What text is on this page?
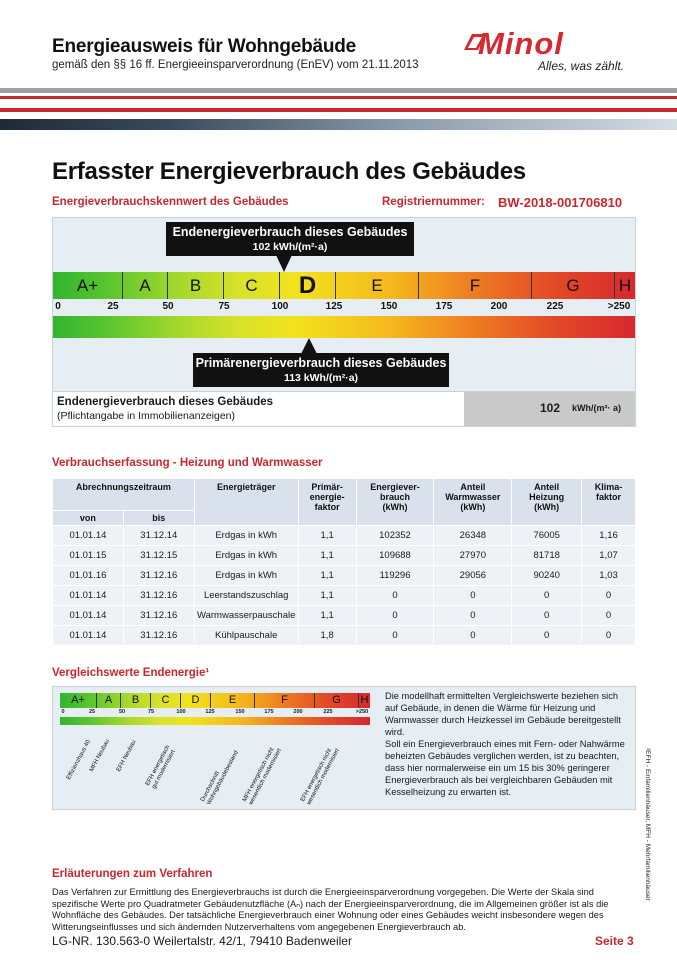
Energieausweis für Wohngebäude
gemäß den §§ 16 ff. Energieeinsparverordnung (EnEV) vom 21.11.2013
Minol
Alles, was zählt.
Erfasster Energieverbrauch des Gebäudes
Energieverbrauchskennwert des Gebäudes	Registriernummer: BW-2018-001706810
Endenergieverbrauch dieses Gebäudes
102 kWh/(m²·a)
A+	A	B	C	D	E	F	G	H
0	25	50	75	100	125	150	175	200	225	>250
Primärenergieverbrauch dieses Gebäudes
113 kWh/(m²·a)
Endenergieverbrauch dieses Gebäudes
(Pflichtangabe in Immobilienanzeigen)
102 kWh/(m²· a)
Verbrauchserfassung - Heizung und Warmwasser
Abrechnungszeitraum		Energieträger	Primär-
energie-
faktor	Energiever-
brauch
(kWh)	Anteil
Warmwasser
(kWh)	Anteil
Heizung
(kWh)	Klima-
faktor
von	bis						
01.01.14	31.12.14	Erdgas in kWh	1,1	102352	26348	76005	1,16
01.01.15	31.12.15	Erdgas in kWh	1,1	109688	27970	81718	1,07
01.01.16	31.12.16	Erdgas in kWh	1,1	119296	29056	90240	1,03
01.01.14	31.12.16	Leerstandszuschlag	1,1	0	0	0	0
01.01.14	31.12.16	Warmwasserpauschale	1,1	0	0	0	0
01.01.14	31.12.16	Kühlpauschale	1,8	0	0	0	0
Vergleichswerte Endenergie¹
A+	A	B	C	D	E	F	G	H
0	25	50	75	100	125	150	175	200	225	>250
Effizienzhaus 40
MFH Neubau EFH Neubau EFH energetisch
gut modernisiert	Durchschnitt
Wohngebäudebestand MFH energetisch nicht
wesentlich modernisiert	EFH energetisch nicht
wesentlich modernisiert
Die modellhaft ermittelten Vergleichswerte beziehen sich auf Gebäude, in denen die Wärme für Heizung und Warmwasser durch Heizkessel im Gebäude bereitgestellt wird.
Soll ein Energieverbrauch eines mit Fern- oder Nahwärme beheizten Gebäudes verglichen werden, ist zu beachten, dass hier normalerweise ein um 15 bis 30% geringerer Energieverbrauch als bei vergleichbaren Gebäuden mit Kesselheizung zu erwarten ist.	¹EFH - Einfamilienhäuser, MFH - Mehrfamilienhäuser
Erläuterungen zum Verfahren
Das Verfahren zur Ermittlung des Energieverbrauchs ist durch die Energieeinsparverordnung vorgegeben. Die Werte der Skala sind spezifische Werte pro Quadratmeter Gebäudenutzfläche (Aₙ) nach der Energieeinsparverordnung, die im Allgemeinen größer ist als die Wohnfläche des Gebäudes. Der tatsächliche Energieverbrauch einer Wohnung oder eines Gebäudes weicht insbesondere wegen des Witterungseinflusses und sich ändernden Nutzerverhaltens vom angegebenen Energieverbrauch ab.
LG-NR. 130.563-0 Weilertalstr. 42/1, 79410 Badenweiler	Seite 3
